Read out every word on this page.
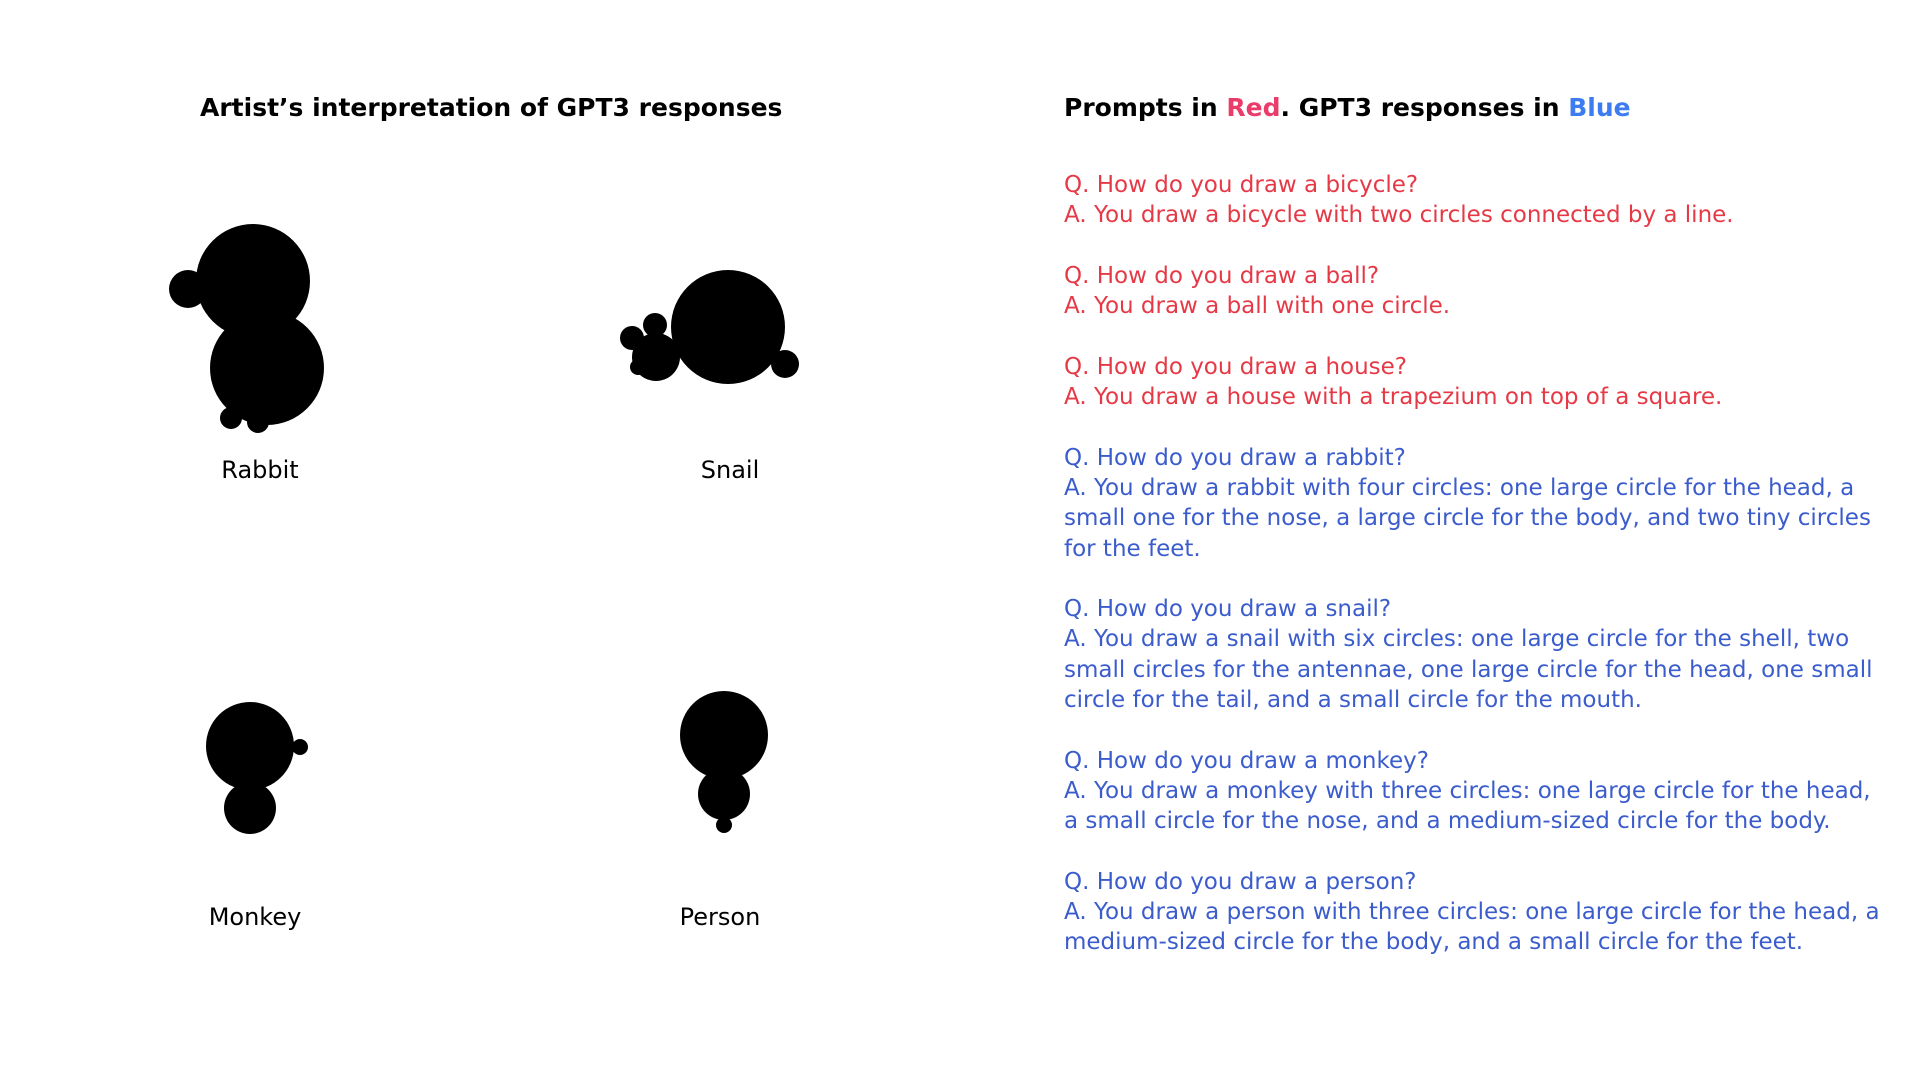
Artist’s interpretation of GPT3 responses
Rabbit	Snail
Monkey	Person
Prompts in Red. GPT3 responses in Blue

Q. How do you draw a bicycle?

A. You draw a bicycle with two circles connected by a line.

Q. How do you draw a ball?

A. You draw a ball with one circle.

Q. How do you draw a house?

A. You draw a house with a trapezium on top of a square.

Q. How do you draw a rabbit?

A. You draw a rabbit with four circles: one large circle for the head, a small one for the nose, a large circle for the body, and two tiny circles for the feet.

Q. How do you draw a snail?

A. You draw a snail with six circles: one large circle for the shell, two small circles for the antennae, one large circle for the head, one small circle for the tail, and a small circle for the mouth.

Q. How do you draw a monkey?

A. You draw a monkey with three circles: one large circle for the head, a small circle for the nose, and a medium-sized circle for the body.

Q. How do you draw a person?

A. You draw a person with three circles: one large circle for the head, a medium-sized circle for the body, and a small circle for the feet.
